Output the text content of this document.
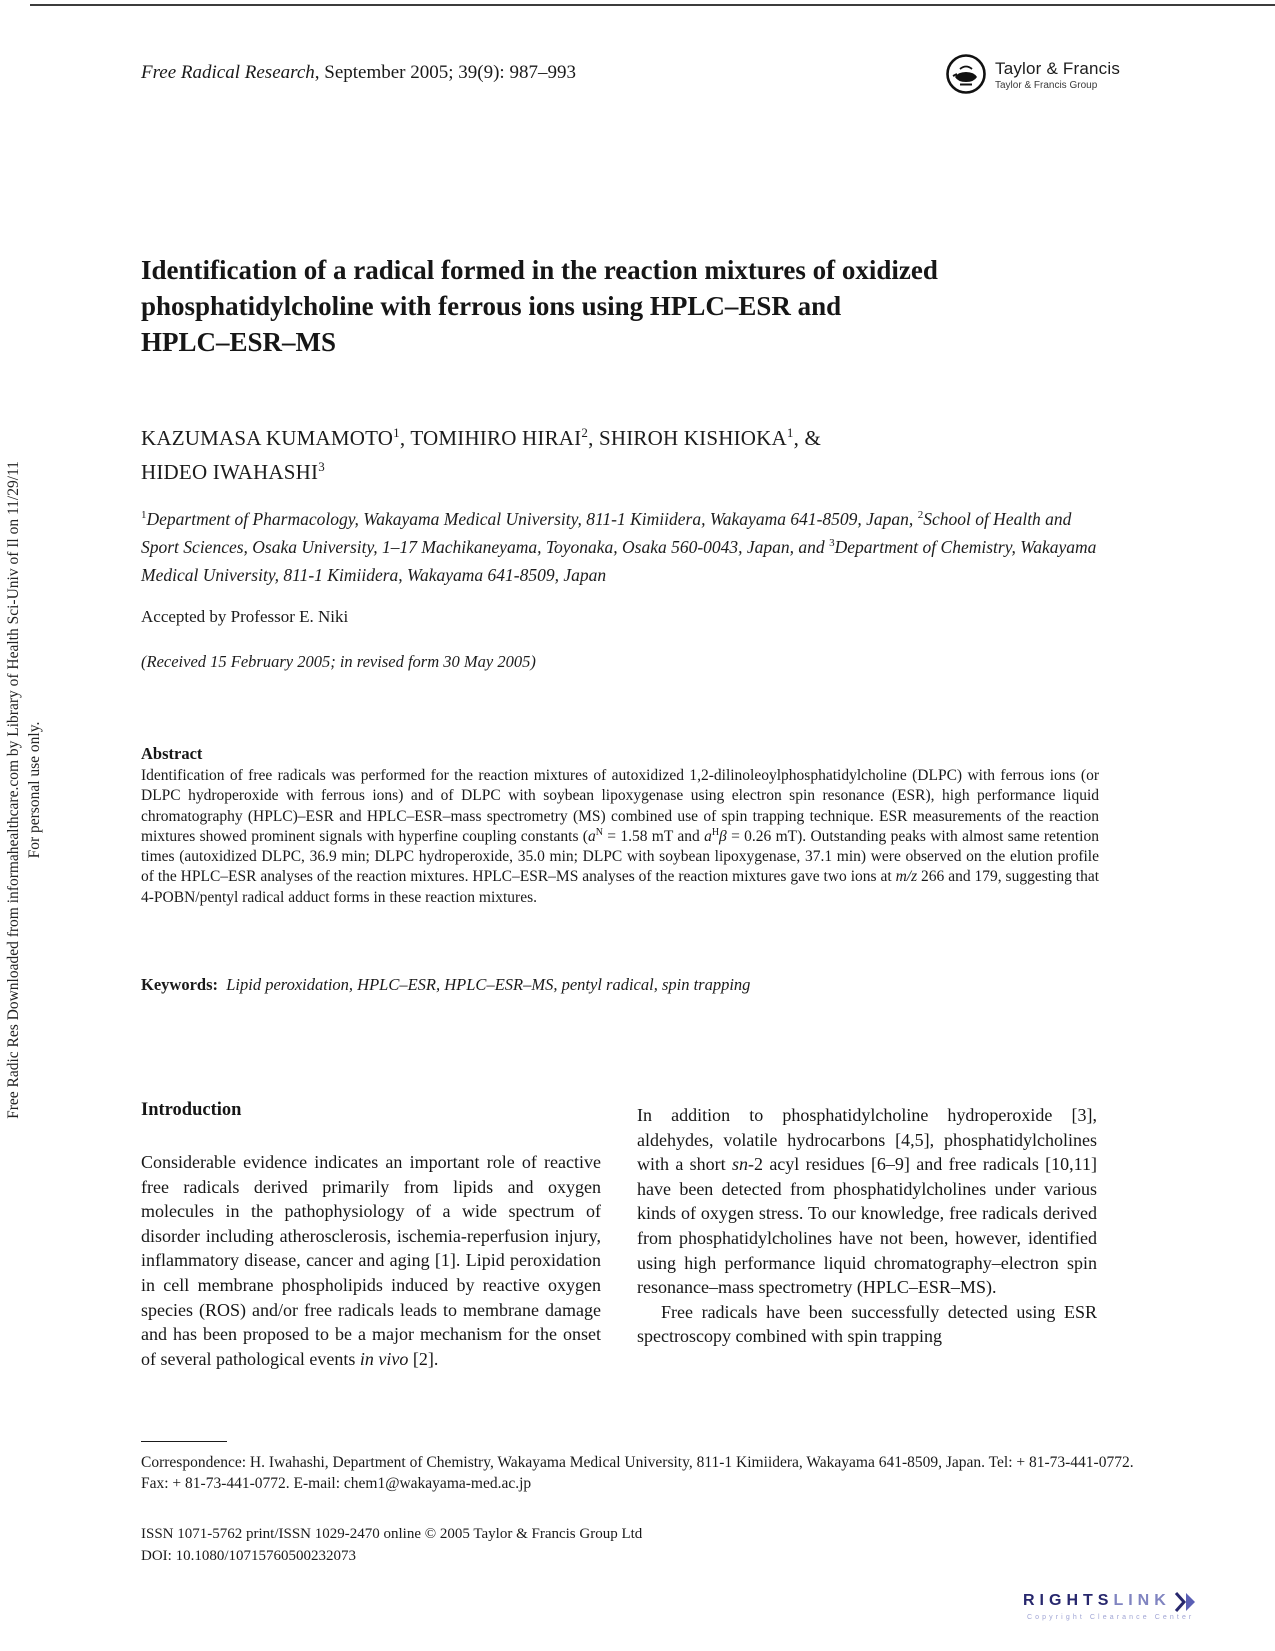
Free Radic Res Downloaded from informahealthcare.com by Library of Health Sci-Univ of Il on 11/29/11 For personal use only.
Free Radical Research, September 2005; 39(9): 987–993	Taylor & Francis
Taylor & Francis Group
Identification of a radical formed in the reaction mixtures of oxidized
phosphatidylcholine with ferrous ions using HPLC–ESR and
HPLC–ESR–MS
KAZUMASA KUMAMOTO$^1$, TOMIHIRO HIRAI$^2$, SHIROH KISHIOKA$^1$, &
HIDEO IWAHASHI$^3$
$^1$Department of Pharmacology, Wakayama Medical University, 811-1 Kimiidera, Wakayama 641-8509, Japan, $^2$School of Health and Sport Sciences, Osaka University, 1–17 Machikaneyama, Toyonaka, Osaka 560-0043, Japan, and $^3$Department of Chemistry, Wakayama Medical University, 811-1 Kimiidera, Wakayama 641-8509, Japan
Accepted by Professor E. Niki
(Received 15 February 2005; in revised form 30 May 2005)
Abstract

Identification of free radicals was performed for the reaction mixtures of autoxidized 1,2-dilinoleoylphosphatidylcholine (DLPC) with ferrous ions (or DLPC hydroperoxide with ferrous ions) and of DLPC with soybean lipoxygenase using electron spin resonance (ESR), high performance liquid chromatography (HPLC)–ESR and HPLC–ESR–mass spectrometry (MS) combined use of spin trapping technique. ESR measurements of the reaction mixtures showed prominent signals with hyperfine coupling constants ($a^N = 1.58$ mT and $a^H\beta = 0.26$ mT). Outstanding peaks with almost same retention times (autoxidized DLPC, 36.9 min; DLPC hydroperoxide, 35.0 min; DLPC with soybean lipoxygenase, 37.1 min) were observed on the elution profile of the HPLC–ESR analyses of the reaction mixtures. HPLC–ESR–MS analyses of the reaction mixtures gave two ions at m/z 266 and 179, suggesting that 4-POBN/pentyl radical adduct forms in these reaction mixtures.

Keywords: Lipid peroxidation, HPLC–ESR, HPLC–ESR–MS, pentyl radical, spin trapping
Introduction

Considerable evidence indicates an important role of reactive free radicals derived primarily from lipids and oxygen molecules in the pathophysiology of a wide spectrum of disorder including atherosclerosis, ischemia-reperfusion injury, inflammatory disease, cancer and aging [1]. Lipid peroxidation in cell membrane phospholipids induced by reactive oxygen species (ROS) and/or free radicals leads to membrane damage and has been proposed to be a major mechanism for the onset of several pathological events in vivo [2].

In addition to phosphatidylcholine hydroperoxide [3], aldehydes, volatile hydrocarbons [4,5], phosphatidylcholines with a short sn-2 acyl residues [6–9] and free radicals [10,11] have been detected from phosphatidylcholines under various kinds of oxygen stress. To our knowledge, free radicals derived from phosphatidylcholines have not been, however, identified using high performance liquid chromatography–electron spin resonance–mass spectrometry (HPLC–ESR–MS).

Free radicals have been successfully detected using ESR spectroscopy combined with spin trapping

Correspondence: H. Iwahashi, Department of Chemistry, Wakayama Medical University, 811-1 Kimiidera, Wakayama 641-8509, Japan. Tel: + 81-73-441-0772. Fax: + 81-73-441-0772. E-mail: chem1@wakayama-med.ac.jp
ISSN 1071-5762 print/ISSN 1029-2470 online © 2005 Taylor & Francis Group Ltd
DOI: 10.1080/10715760500232073
RIGHTS LINK
Copyright Clearance Center
